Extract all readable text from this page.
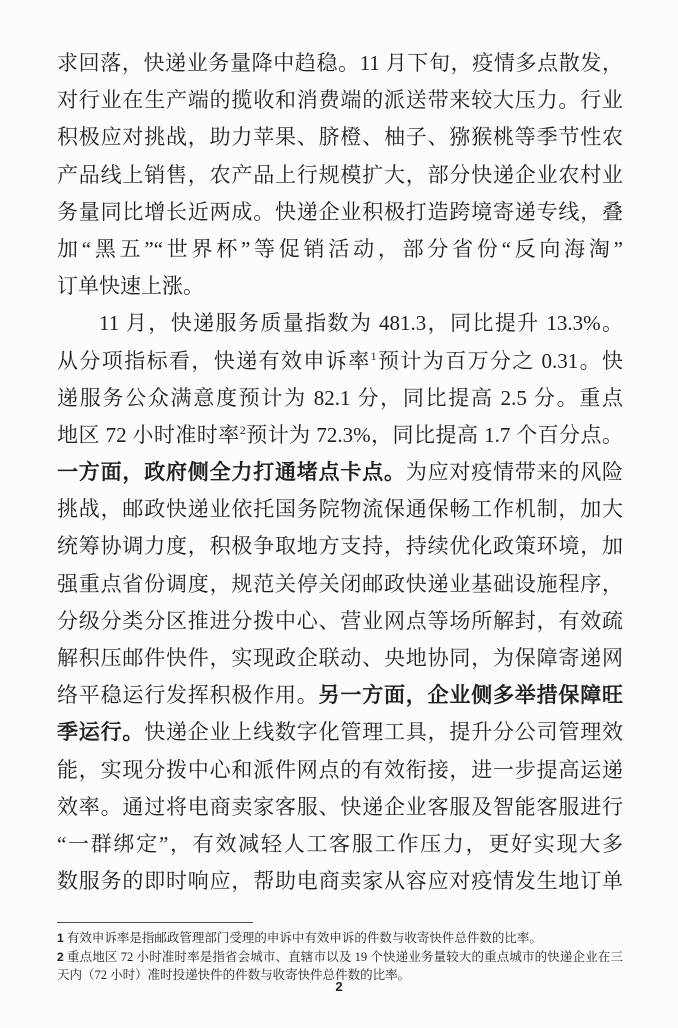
求回落，快递业务量降中趋稳。11 月下旬，疫情多点散发，
对行业在生产端的揽收和消费端的派送带来较大压力。行业
积极应对挑战，助力苹果、脐橙、柚子、猕猴桃等季节性农
产品线上销售，农产品上行规模扩大，部分快递企业农村业
务量同比增长近两成。快递企业积极打造跨境寄递专线，叠
加“黑五”“世界杯”等促销活动，部分省份“反向海淘”
订单快速上涨。
11 月，快递服务质量指数为 481.3，同比提升 13.3%。
从分项指标看，快递有效申诉率$^1$预计为百万分之 0.31。快
递服务公众满意度预计为 82.1 分，同比提高 2.5 分。重点
地区 72 小时准时率$^2$预计为 72.3%，同比提高 1.7 个百分点。
一方面，政府侧全力打通堵点卡点。为应对疫情带来的风险
挑战，邮政快递业依托国务院物流保通保畅工作机制，加大
统筹协调力度，积极争取地方支持，持续优化政策环境，加
强重点省份调度，规范关停关闭邮政快递业基础设施程序，
分级分类分区推进分拨中心、营业网点等场所解封，有效疏
解积压邮件快件，实现政企联动、央地协同，为保障寄递网
络平稳运行发挥积极作用。另一方面，企业侧多举措保障旺
季运行。快递企业上线数字化管理工具，提升分公司管理效
能，实现分拨中心和派件网点的有效衔接，进一步提高运递
效率。通过将电商卖家客服、快递企业客服及智能客服进行
“一群绑定”，有效减轻人工客服工作压力，更好实现大多
数服务的即时响应，帮助电商卖家从容应对疫情发生地订单
1 有效申诉率是指邮政管理部门受理的申诉中有效申诉的件数与收寄快件总件数的比率。
2 重点地区 72 小时准时率是指省会城市、直辖市以及 19 个快递业务量较大的重点城市的快递企业在三天内（72 小时）准时投递快件的件数与收寄快件总件数的比率。
2
